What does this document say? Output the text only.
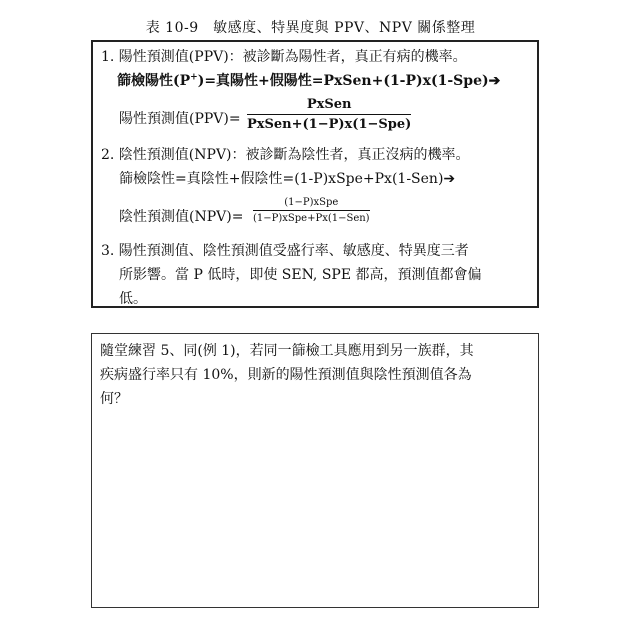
表 10-9　敏感度、特異度與 PPV、NPV 關係整理
1. 陽性預測值(PPV)：被診斷為陽性者，真正有病的機率。
篩檢陽性(P+)=真陽性+假陽性=PxSen+(1-P)x(1-Spe)➔
陽性預測值(PPV)=
PxSen
PxSen+(1−P)x(1−Spe)
2. 陰性預測值(NPV)：被診斷為陰性者，真正沒病的機率。
篩檢陰性=真陰性+假陰性=(1-P)xSpe+Px(1-Sen)➔
陰性預測值(NPV)=
(1−P)xSpe
(1−P)xSpe+Px(1−Sen)
3. 陽性預測值、陰性預測值受盛行率、敏感度、特異度三者
所影響。當 P 低時，即使 SEN, SPE 都高，預測值都會偏
低。
隨堂練習 5、同(例 1)，若同一篩檢工具應用到另一族群，其
疾病盛行率只有 10%，則新的陽性預測值與陰性預測值各為
何？
